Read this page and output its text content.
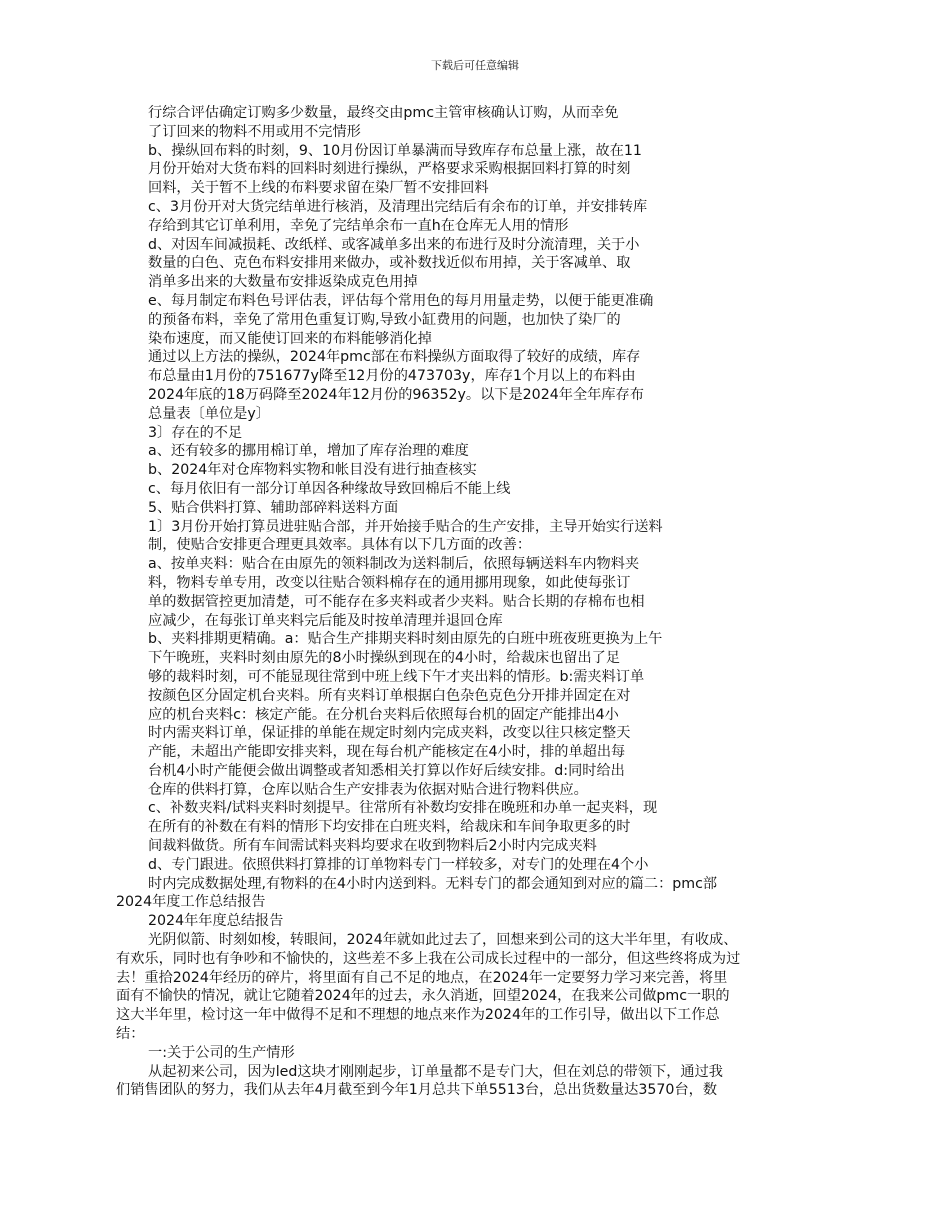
下载后可任意编辑
行综合评估确定订购多少数量，最终交由pmc主管审核确认订购，从而幸免
了订回来的物料不用或用不完情形
b、操纵回布料的时刻，9、10月份因订单暴满而导致库存布总量上涨，故在11
月份开始对大货布料的回料时刻进行操纵，严格要求采购根据回料打算的时刻
回料，关于暂不上线的布料要求留在染厂暂不安排回料
c、3月份开对大货完结单进行核消，及清理出完结后有余布的订单，并安排转库
存给到其它订单利用，幸免了完结单余布一直h在仓库无人用的情形
d、对因车间减损耗、改纸样、或客减单多出来的布进行及时分流清理，关于小
数量的白色、克色布料安排用来做办，或补数找近似布用掉，关于客减单、取
消单多出来的大数量布安排返染成克色用掉
e、每月制定布料色号评估表，评估每个常用色的每月用量走势，以便于能更准确
的预备布料，幸免了常用色重复订购,导致小缸费用的问题，也加快了染厂的
染布速度，而又能使订回来的布料能够消化掉
通过以上方法的操纵，2024年pmc部在布料操纵方面取得了较好的成绩，库存
布总量由1月份的751677y降至12月份的473703y，库存1个月以上的布料由
2024年底的18万码降至2024年12月份的96352y。以下是2024年全年库存布
总量表〔单位是y〕
3〕存在的不足
a、还有较多的挪用棉订单，增加了库存治理的难度
b、2024年对仓库物料实物和帐目没有进行抽查核实
c、每月依旧有一部分订单因各种缘故导致回棉后不能上线
5、贴合供料打算、辅助部碎料送料方面
1〕3月份开始打算员进驻贴合部，并开始接手贴合的生产安排，主导开始实行送料
制，使贴合安排更合理更具效率。具体有以下几方面的改善：
a、按单夹料：贴合在由原先的领料制改为送料制后，依照每辆送料车内物料夹
料，物料专单专用，改变以往贴合领料棉存在的通用挪用现象，如此使每张订
单的数据管控更加清楚，可不能存在多夹料或者少夹料。贴合长期的存棉布也相
应减少，在每张订单夹料完后能及时按单清理并退回仓库
b、夹料排期更精确。a：贴合生产排期夹料时刻由原先的白班中班夜班更换为上午
下午晚班，夹料时刻由原先的8小时操纵到现在的4小时，给裁床也留出了足
够的裁料时刻，可不能显现往常到中班上线下午才夹出料的情形。b:需夹料订单
按颜色区分固定机台夹料。所有夹料订单根据白色杂色克色分开排并固定在对
应的机台夹料c：核定产能。在分机台夹料后依照每台机的固定产能排出4小
时内需夹料订单，保证排的单能在规定时刻内完成夹料，改变以往只核定整天
产能，未超出产能即安排夹料，现在每台机产能核定在4小时，排的单超出每
台机4小时产能便会做出调整或者知悉相关打算以作好后续安排。d:同时给出
仓库的供料打算，仓库以贴合生产安排表为依据对贴合进行物料供应。
c、补数夹料/试料夹料时刻提早。往常所有补数均安排在晚班和办单一起夹料，现
在所有的补数在有料的情形下均安排在白班夹料，给裁床和车间争取更多的时
间裁料做货。所有车间需试料夹料均要求在收到物料后2小时内完成夹料
d、专门跟进。依照供料打算排的订单物料专门一样较多，对专门的处理在4个小
时内完成数据处理,有物料的在4小时内送到料。无料专门的都会通知到对应的篇二：pmc部
2024年度工作总结报告
2024年年度总结报告
光阴似箭、时刻如梭，转眼间，2024年就如此过去了，回想来到公司的这大半年里，有收成、
有欢乐，同时也有争吵和不愉快的，这些差不多上我在公司成长过程中的一部分，但这些终将成为过
去！重拾2024年经历的碎片，将里面有自己不足的地点，在2024年一定要努力学习来完善，将里
面有不愉快的情况，就让它随着2024年的过去，永久消逝，回望2024，在我来公司做pmc一职的
这大半年里，检讨这一年中做得不足和不理想的地点来作为2024年的工作引导，做出以下工作总
结：
一:关于公司的生产情形
从起初来公司，因为led这块才刚刚起步，订单量都不是专门大，但在刘总的带领下，通过我
们销售团队的努力，我们从去年4月截至到今年1月总共下单5513台，总出货数量达3570台，数
